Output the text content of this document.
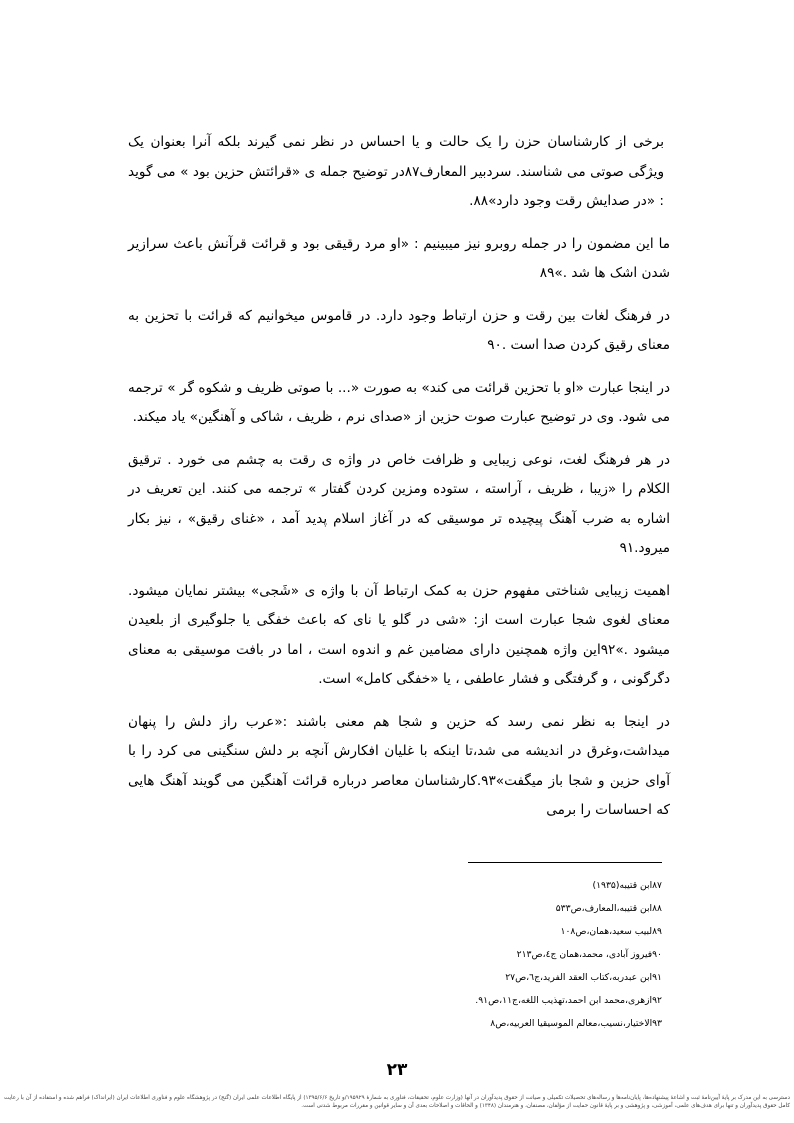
برخی از کارشناسان حزن را یک حالت و یا احساس در نظر نمی گیرند بلکه آنرا بعنوان یک ویژگی صوتی می شناسند. سردبیر المعارف۸۷در توضیح جمله ی «قرائتش حزین بود » می گوید : «در صدایش رقت وجود دارد»۸۸.

ما این مضمون را در جمله روبرو نیز میبینیم : «او مرد رقیقی بود و قرائت قرآنش باعث سرازیر شدن اشک ها شد .»۸۹

در فرهنگ لغات بین رقت و حزن ارتباط وجود دارد. در قاموس میخوانیم که قرائت با تحزین به معنای رقیق کردن صدا است .۹۰

در اینجا عبارت «او با تحزین قرائت می کند» به صورت «... با صوتی ظریف و شکوه گر » ترجمه می شود. وی در توضیح عبارت صوت حزین از «صدای نرم ، ظریف ، شاکی و آهنگین» یاد میکند.

در هر فرهنگ لغت، نوعی زیبایی و ظرافت خاص در واژه ی رقت به چشم می خورد . ترقیق الکلام را «زیبا ، ظریف ، آراسته ، ستوده ومزین کردن گفتار » ترجمه می کنند. این تعریف در اشاره به ضرب آهنگ پیچیده تر موسیقی که در آغاز اسلام پدید آمد ، «غنای رقیق» ، نیز بکار میرود.۹۱

اهمیت زیبایی شناختی مفهوم حزن به کمک ارتباط آن با واژه ی «شَجی» بیشتر نمایان میشود. معنای لغوی شجا عبارت است از: «شی در گلو یا نای که باعث خفگی یا جلوگیری از بلعیدن میشود .»۹۲این واژه همچنین دارای مضامین غم و اندوه است ، اما در بافت موسیقی به معنای دگرگونی ، و گرفتگی و فشار عاطفی ، یا «خفگی کامل» است.

در اینجا به نظر نمی رسد که حزین و شجا هم معنی باشند :«عرب راز دلش را پنهان میداشت،وغرق در اندیشه می شد،تا اینکه با غلیان افکارش آنچه بر دلش سنگینی می کرد را با آوای حزین و شجا باز میگفت»۹۳.کارشناسان معاصر درباره قرائت آهنگین می گویند آهنگ هایی که احساسات را برمی

۸۷ابن قتیبه(۱۹۳۵)
۸۸ابن قتیبه،المعارف،ص۵۳۳
۸۹لبیب سعید،همان،ص۱۰۸
۹۰فیروز آبادی، محمد،همان ج٤،ص۲۱۳
۹۱ابن عبدربه،کتاب العقد الفرید،ج٦،ص۲۷
۹۲ازهری،محمد ابن احمد،تهذیب اللغه،ج۱۱،ص۹۱.
۹۳الاختیار،نسیب،معالم الموسیقیا العربیه،ص۸
۲۳
دسترسی به این مدرک بر پایهٔ آیین‌نامهٔ ثبت و اشاعهٔ پیشنهاده‌ها، پایان‌نامه‌ها و رساله‌های تحصیلات تکمیلی و صیانت از حقوق پدیدآوران در آنها (وزارت علوم، تحقیقات، فناوری به شمارهٔ ۱۹۵۹۲۹/و تاریخ ۱۳۹۵/۶/۶) از پایگاه اطلاعات علمی ایران (گنج) در پژوهشگاه علوم و فناوری اطلاعات ایران (ایرانداک) فراهم شده و استفاده از آن با رعایت کامل حقوق پدیدآوران و تنها برای هدف‌های علمی، آموزشی، و پژوهشی و بر پایهٔ قانون حمایت از مؤلفان، مصنفان، و هنرمندان (۱۳۴۸) و الحاقات و اصلاحات بعدی آن و سایر قوانین و مقررات مربوط شدنی است.
